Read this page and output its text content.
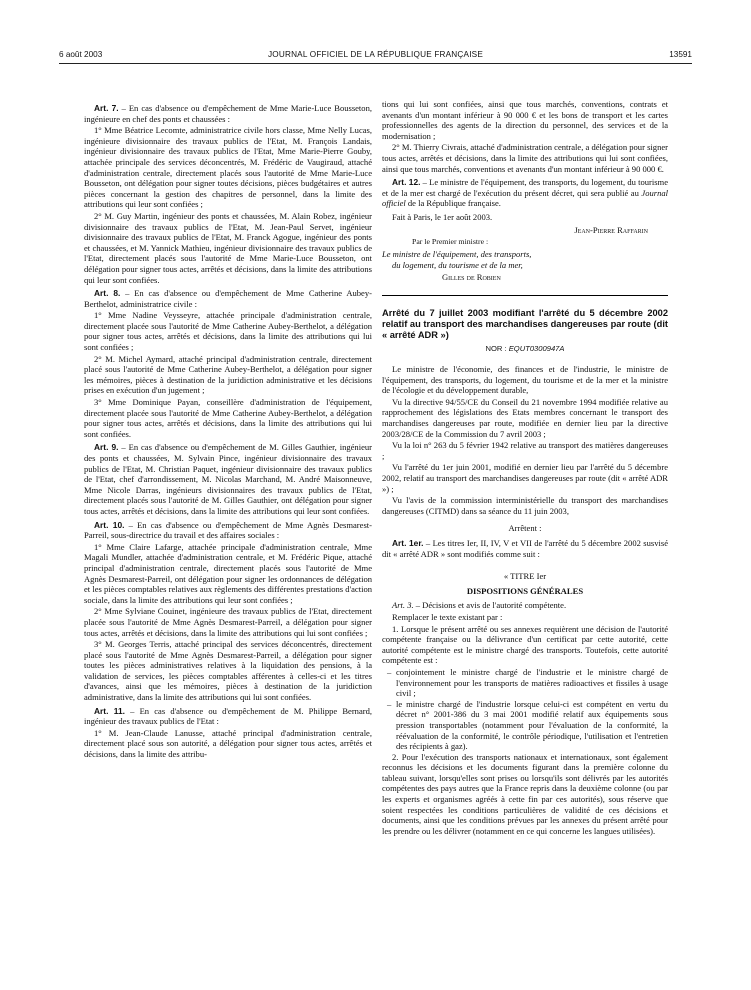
6 août 2003	JOURNAL OFFICIEL DE LA RÉPUBLIQUE FRANÇAISE	13591

Art. 7. – En cas d'absence ou d'empêchement de Mme Marie-Luce Bousseton, ingénieure en chef des ponts et chaussées :

1° Mme Béatrice Lecomte, administratrice civile hors classe, Mme Nelly Lucas, ingénieure divisionnaire des travaux publics de l'Etat, M. François Landais, ingénieur divisionnaire des travaux publics de l'Etat, Mme Marie-Pierre Gouby, attachée principale des services déconcentrés, M. Frédéric de Vaugiraud, attaché d'administration centrale, directement placés sous l'autorité de Mme Marie-Luce Bousseton, ont délégation pour signer toutes décisions, pièces budgétaires et autres pièces concernant la gestion des chapitres de personnel, dans la limite des attributions qui leur sont confiées ;

2° M. Guy Martin, ingénieur des ponts et chaussées, M. Alain Robez, ingénieur divisionnaire des travaux publics de l'Etat, M. Jean-Paul Servet, ingénieur divisionnaire des travaux publics de l'Etat, M. Franck Agogue, ingénieur des ponts et chaussées, et M. Yannick Mathieu, ingénieur divisionnaire des travaux publics de l'Etat, directement placés sous l'autorité de Mme Marie-Luce Bousseton, ont délégation pour signer tous actes, arrêtés et décisions, dans la limite des attributions qui leur sont confiées.

Art. 8. – En cas d'absence ou d'empêchement de Mme Catherine Aubey-Berthelot, administratrice civile :

1° Mme Nadine Veysseyre, attachée principale d'administration centrale, directement placée sous l'autorité de Mme Catherine Aubey-Berthelot, a délégation pour signer tous actes, arrêtés et décisions, dans la limite des attributions qui lui sont confiées ;

2° M. Michel Aymard, attaché principal d'administration centrale, directement placé sous l'autorité de Mme Catherine Aubey-Berthelot, a délégation pour signer les mémoires, pièces à destination de la juridiction administrative et les décisions prises en exécution d'un jugement ;

3° Mme Dominique Payan, conseillère d'administration de l'équipement, directement placée sous l'autorité de Mme Catherine Aubey-Berthelot, a délégation pour signer tous actes, arrêtés et décisions, dans la limite des attributions qui lui sont confiées.

Art. 9. – En cas d'absence ou d'empêchement de M. Gilles Gauthier, ingénieur des ponts et chaussées, M. Sylvain Pince, ingénieur divisionnaire des travaux publics de l'Etat, M. Christian Paquet, ingénieur divisionnaire des travaux publics de l'Etat, chef d'arrondissement, M. Nicolas Marchand, M. André Maisonneuve, Mme Nicole Darras, ingénieurs divisionnaires des travaux publics de l'Etat, directement placés sous l'autorité de M. Gilles Gauthier, ont délégation pour signer tous actes, arrêtés et décisions, dans la limite des attributions qui leur sont confiées.

Art. 10. – En cas d'absence ou d'empêchement de Mme Agnès Desmarest-Parreil, sous-directrice du travail et des affaires sociales :

1° Mme Claire Lafarge, attachée principale d'administration centrale, Mme Magali Mundler, attachée d'administration centrale, et M. Frédéric Pique, attaché principal d'administration centrale, directement placés sous l'autorité de Mme Agnès Desmarest-Parreil, ont délégation pour signer les ordonnances de délégation et les pièces comptables relatives aux règlements des différentes prestations d'action sociale, dans la limite des attributions qui leur sont confiées ;

2° Mme Sylviane Couinet, ingénieure des travaux publics de l'Etat, directement placée sous l'autorité de Mme Agnès Desmarest-Parreil, a délégation pour signer tous actes, arrêtés et décisions, dans la limite des attributions qui lui sont confiées ;

3° M. Georges Terris, attaché principal des services déconcentrés, directement placé sous l'autorité de Mme Agnès Desmarest-Parreil, a délégation pour signer toutes les pièces administratives relatives à la liquidation des pensions, à la validation de services, les pièces comptables afférentes à celles-ci et les titres d'avances, ainsi que les mémoires, pièces à destination de la juridiction administrative, dans la limite des attributions qui lui sont confiées.

Art. 11. – En cas d'absence ou d'empêchement de M. Philippe Bernard, ingénieur des travaux publics de l'Etat :

1° M. Jean-Claude Lanusse, attaché principal d'administration centrale, directement placé sous son autorité, a délégation pour signer tous actes, arrêtés et décisions, dans la limite des attribu-

tions qui lui sont confiées, ainsi que tous marchés, conventions, contrats et avenants d'un montant inférieur à 90 000 € et les bons de transport et les cartes professionnelles des agents de la direction du personnel, des services et de la modernisation ;

2° M. Thierry Civrais, attaché d'administration centrale, a délégation pour signer tous actes, arrêtés et décisions, dans la limite des attributions qui lui sont confiées, ainsi que tous marchés, conventions et avenants d'un montant inférieur à 90 000 €.

Art. 12. – Le ministre de l'équipement, des transports, du logement, du tourisme et de la mer est chargé de l'exécution du présent décret, qui sera publié au Journal officiel de la République française.

Fait à Paris, le 1er août 2003.

Jean-Pierre Raffarin

Par le Premier ministre :

Le ministre de l'équipement, des transports,

du logement, du tourisme et de la mer,

Gilles de Robien

Arrêté du 7 juillet 2003 modifiant l'arrêté du 5 décembre 2002 relatif au transport des marchandises dangereuses par route (dit « arrêté ADR »)
NOR : EQUT0300947A

Le ministre de l'économie, des finances et de l'industrie, le ministre de l'équipement, des transports, du logement, du tourisme et de la mer et la ministre de l'écologie et du développement durable,

Vu la directive 94/55/CE du Conseil du 21 novembre 1994 modifiée relative au rapprochement des législations des Etats membres concernant le transport des marchandises dangereuses par route, modifiée en dernier lieu par la directive 2003/28/CE de la Commission du 7 avril 2003 ;

Vu la loi n° 263 du 5 février 1942 relative au transport des matières dangereuses ;

Vu l'arrêté du 1er juin 2001, modifié en dernier lieu par l'arrêté du 5 décembre 2002, relatif au transport des marchandises dangereuses par route (dit « arrêté ADR ») ;

Vu l'avis de la commission interministérielle du transport des marchandises dangereuses (CITMD) dans sa séance du 11 juin 2003,

Arrêtent :

Art. 1er. – Les titres Ier, II, IV, V et VII de l'arrêté du 5 décembre 2002 susvisé dit « arrêté ADR » sont modifiés comme suit :

« TITRE Ier
DISPOSITIONS GÉNÉRALES

Art. 3. – Décisions et avis de l'autorité compétente.

Remplacer le texte existant par :

1. Lorsque le présent arrêté ou ses annexes requièrent une décision de l'autorité compétente française ou la délivrance d'un certificat par cette autorité, cette autorité compétente est le ministre chargé des transports. Toutefois, cette autorité compétente est :

– conjointement le ministre chargé de l'industrie et le ministre chargé de l'environnement pour les transports de matières radioactives et fissiles à usage civil ;
– le ministre chargé de l'industrie lorsque celui-ci est compétent en vertu du décret n° 2001-386 du 3 mai 2001 modifié relatif aux équipements sous pression transportables (notamment pour l'évaluation de la conformité, la réévaluation de la conformité, le contrôle périodique, l'utilisation et l'entretien des récipients à gaz).

2. Pour l'exécution des transports nationaux et internationaux, sont également reconnus les décisions et les documents figurant dans la première colonne du tableau suivant, lorsqu'elles sont prises ou lorsqu'ils sont délivrés par les autorités compétentes des pays autres que la France repris dans la deuxième colonne (ou par les experts et organismes agréés à cette fin par ces autorités), sous réserve que soient respectées les conditions particulières de validité de ces décisions et documents, ainsi que les conditions prévues par les annexes du présent arrêté pour les prendre ou les délivrer (notamment en ce qui concerne les langues utilisées).
